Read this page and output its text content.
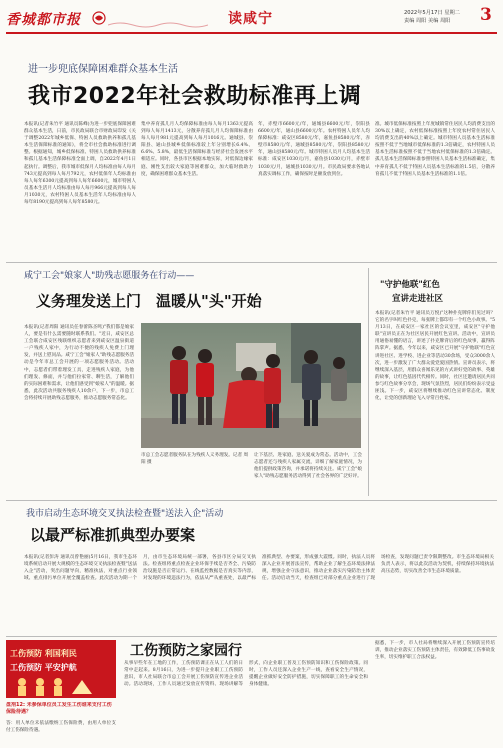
香城都市报	读咸宁	2022年5月17日 星期二
责编 周阳 美编 周阳 3
进一步兜底保障困难群众基本生活
我市2022年社会救助标准再上调
本报讯(记者朱竹平 通讯员陈峰)为进一步兜底保障困难群众基本生活，日前，市民政局联合市财政局印发《关于调整2022年城乡低保、特困人员救助供养和孤儿基本生活保障标准的通知》，将全市社会救助标准进行调整。根据通知，城乡低保标准、特困人员救助供养标准和孤儿基本生活保障标准全面上调，自2022年4月1日起执行。调整后，我市城市低保月人均标准由每人每月743元提高到每人每月792元，农村低保年人均标准由每人每年6300元提高到每人每年6600元，城市特困人员基本生活月人均标准由每人每月966元提高到每人每月1030元，农村特困人员基本生活年人均标准由每人每年8190元提高到每人每年8580元。
集中养育孤儿月人均保障标准由每人每月1363元提高到每人每月1413元，分散养育孤儿月人均保障标准由每人每月981元提高到每人每月1016元。通城县、崇阳县、通山县城乡低保标准较上年分别增长6.4%、6.6%、5.8%，最低生活保障标准与经济社会发展水平相适应。同时，各县市区根据本地实际，对低保边缘家庭、刚性支出较大家庭等困难群众，加大临时救助力度，确保困难群众基本生活。
年，赤壁市6600元/年，通城县6600元/年，崇阳县6600元/年，通山县6600元/年。农村特困人员年人均保障标准：咸安区8580元/年，嘉鱼县8580元/年，赤壁市8580元/年，通城县8580元/年，崇阳县8580元/年，通山县8580元/年。城市特困人员月人均基本生活标准：咸安区1030元/月，嘉鱼县1030元/月，赤壁市1030元/月，通城县1030元/月。市民政局要求各地认真落实调标工作，确保按时足额发放到位。
准。城市低保标准按照上年度城镇常住居民人均消费支出的30%以上确定，农村低保标准按照上年度农村常住居民人均消费支出的40%以上确定。城市特困人员基本生活标准按照不低于当地城市低保标准的1.3倍确定，农村特困人员基本生活标准按照不低于当地农村低保标准的1.3倍确定。孤儿基本生活保障标准参照特困人员基本生活标准确定，集中养育孤儿不低于特困人员基本生活标准的1.5倍，分散养育孤儿不低于特困人员基本生活标准的1.1倍。
咸宁工会"娘家人"助残志愿服务在行动——
义务理发送上门　温暖从"头"开始
本报讯(记者周阳 通讯员任春蕾陈圣鸣)"我们都是娘家人，要是有什么需要随时联系我们。"近日，咸安区总工会联合咸安区残联组织志愿者来到咸安区温泉街道一户残疾人家中，为行动不便的残疾人免费上门理发，并送上慰问品。咸宁工会"娘家人"助残志愿服务活动是今年市总工会开展的一项志愿服务活动。活动中，志愿者们带着理发工具，走进残疾人家庭，为他们理发、修面，并与他们拉家常、聊生活，了解他们的实际困难和需求，让他们感受到"娘家人"的温暖。据悉，此次活动共服务残疾人10余户，下一步，市总工会将持续开展助残志愿服务，推动志愿服务常态化。
市总工会志愿者服务队在为残疾人义务理发。记者 周阳 摄
让下基层、进家庭、送关爱成为常态。活动中，工会志愿者还与残疾人家属交流，详细了解家庭情况，为他们提供政策咨询，并承诺将持续关注。咸宁工会"娘家人"助残志愿服务活动得到了社会各界的广泛好评。
"守护他联"红色
宣讲走进社区
本报讯(记者朱竹平 通讯员万悦)"这种扑克牌你们见过吗？它的名字叫红色扑克，每张牌上都印有一个红色小故事。"5月13日，在咸安区一家社区的会议室里，咸安区"守护他联"宣讲员正在为社区居民开展红色宣讲。活动中，宣讲员用通俗易懂的语言，讲述了扑克牌背后的红色故事，赢得阵阵掌声。据悉，今年以来，咸安区已开展"守护他联"红色宣讲进社区、进学校、进企业等活动30余场，受众3000余人次，进一步激发了广大群众爱党爱国热情。宣讲员表示，将继续深入基层，用群众喜闻乐见的方式讲好党的故事、英雄的故事，让红色基因代代相传。同时，社区还邀请居民共同参与红色故事分享会，现场气氛热烈，居民们纷纷表示受益匪浅。下一步，咸安区将继续推动红色宣讲常态化、制度化，让党的创新理论飞入寻常百姓家。
我市启动生态环境交叉执法检查暨"送法入企"活动
以最严标准抓典型办要案
本报讯(记者彭涛 通讯员曾艳丽)5月16日，我市生态环境系统启动开展大规模的生态环境交叉执法检查暨"送法入企"活动，突出问题导向，精准执法，对重点行业领域、重点排污单位开展全覆盖检查。此次活动为期一个月，由市生态环境局统一部署，各县市区分局交叉执法。检查组将重点检查企业环保手续是否齐全、污染防治设施是否正常运行、在线监控数据是否真实等内容，对发现的环境违法行为，依法从严从重查处，以最严标准抓典型、办要案，形成强大震慑。同时，执法人员将深入企业开展普法宣传，帮助企业了解生态环境法律法规，增强企业守法意识，推动企业落实污染防治主体责任。活动启动当天，检查组已对部分重点企业进行了现场检查，发现问题已责令限期整改。市生态环境局相关负责人表示，将以此次活动为契机，持续保持环境执法高压态势，切实改善全市生态环境质量。
工伤预防 利国利民
工伤预防 平安护航
盘剂12: 未参保单位员工发生工伤谁来支付工伤保险待遇？
答：用人单位未依法缴纳工伤保险费，由用人单位支付工伤保险待遇。
工伤预防之家园行
从事早些年在工地的工作，工伤预防课正在从工人们的日常中走起来。8月16日，为进一步提升企业职工工伤预防意识，市人社局联合市总工会开展工伤预防宣传进企业活动。活动现场，工作人员通过发放宣传资料、现场讲解等形式，向企业职工普及工伤预防知识和工伤保险政策。同时，工作人员还深入企业生产一线，查看安全生产情况，提醒企业做好安全防护措施，切实保障职工的生命安全和身体健康。
据悉，下一步，市人社局将继续深入开展工伤预防宣传培训，推动企业落实工伤预防主体责任，有效降低工伤事故发生率，切实维护职工合法权益。
